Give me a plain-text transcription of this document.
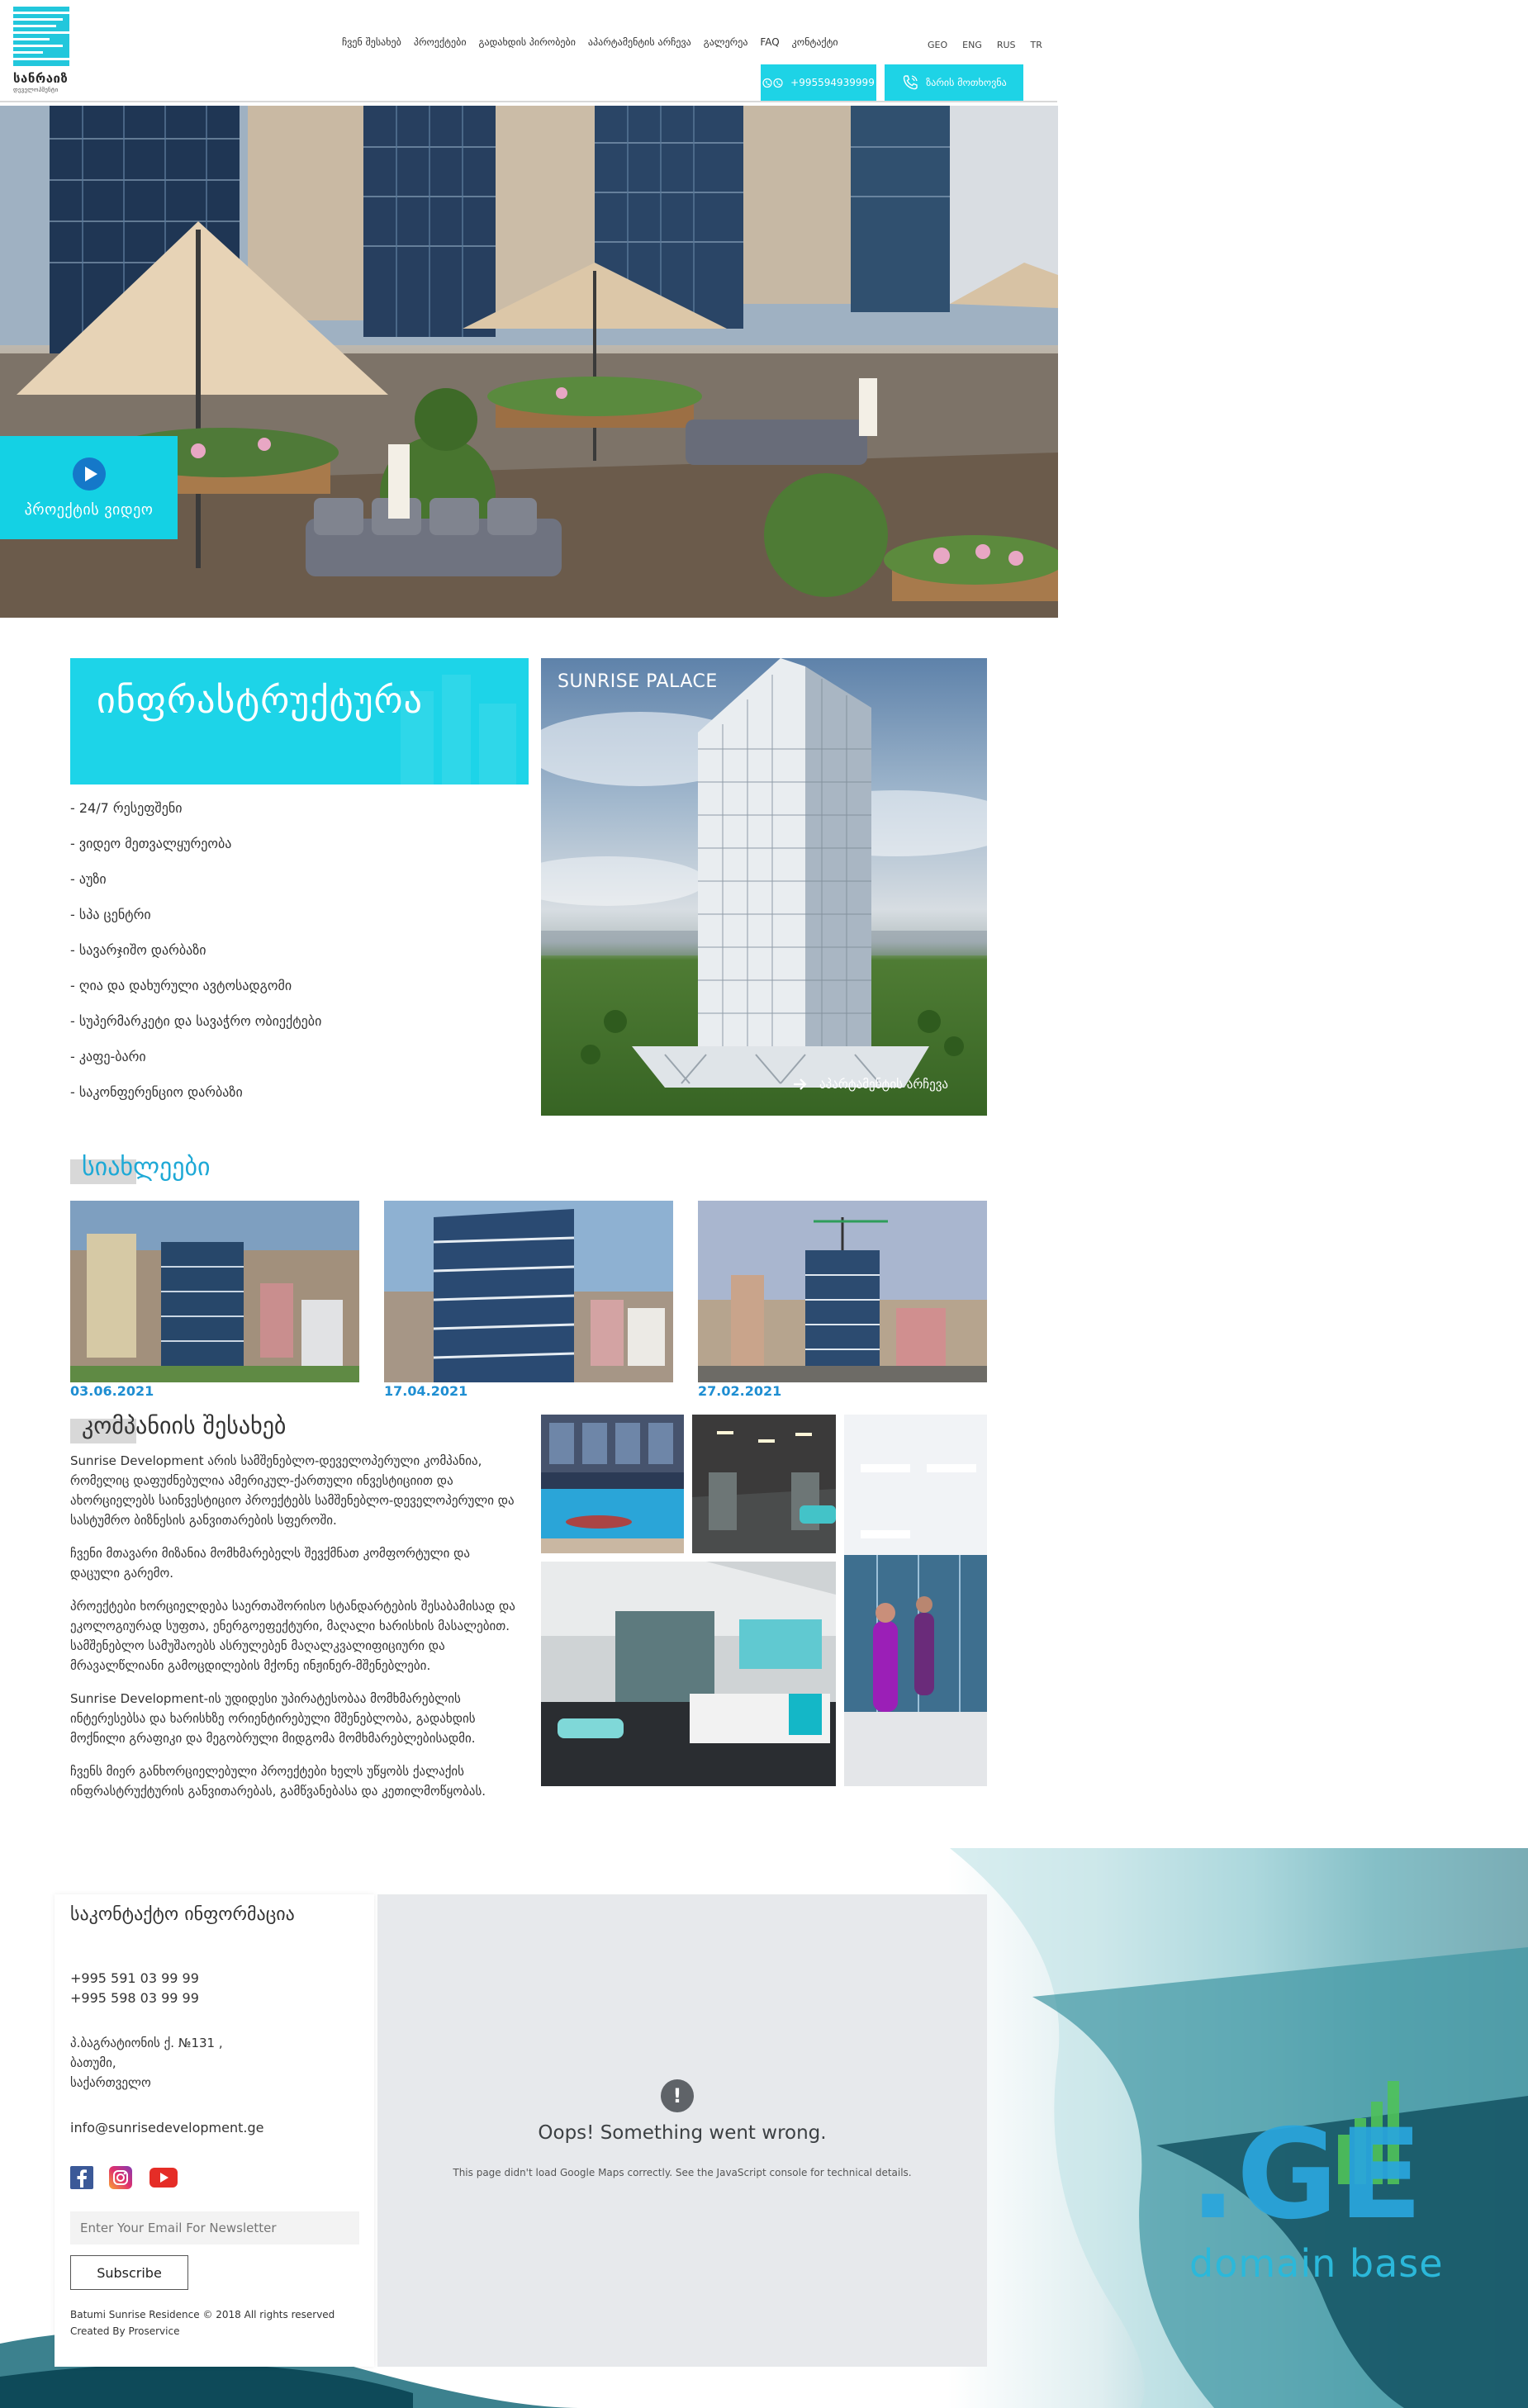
სანრაიზ
დეველოპმენტი
ჩვენ შესახებ პროექტები გადახდის პირობები აპარტამენტის არჩევა გალერეა FAQ კონტაქტი	GEO ENG RUS TR
+995594939999	ზარის მოთხოვნა
პროექტის ვიდეო
ინფრასტრუქტურა
- 24/7 რესეფშენი
- ვიდეო მეთვალყურეობა
- აუზი
- სპა ცენტრი
- სავარჯიშო დარბაზი
- ღია და დახურული ავტოსადგომი
- სუპერმარკეტი და სავაჭრო ობიექტები
- კაფე-ბარი
- საკონფერენციო დარბაზი
SUNRISE PALACE
აპარტამენტის არჩევა
სიახლეები
03.06.2021	17.04.2021	27.02.2021
კომპანიის შესახებ

Sunrise Development არის სამშენებლო-დეველოპერული კომპანია, რომელიც დაფუძნებულია ამერიკულ-ქართული ინვესტიციით და ახორციელებს საინვესტიციო პროექტებს სამშენებლო-დეველოპერული და სასტუმრო ბიზნესის განვითარების სფეროში.

ჩვენი მთავარი მიზანია მომხმარებელს შევქმნათ კომფორტული და დაცული გარემო.

პროექტები ხორციელდება საერთაშორისო სტანდარტების შესაბამისად და ეკოლოგიურად სუფთა, ენერგოეფექტური, მაღალი ხარისხის მასალებით. სამშენებლო სამუშაოებს ასრულებენ მაღალკვალიფიციური და მრავალწლიანი გამოცდილების მქონე ინჟინერ-მშენებლები.

Sunrise Development-ის უდიდესი უპირატესობაა მომხმარებლის ინტერესებსა და ხარისხზე ორიენტირებული მშენებლობა, გადახდის მოქნილი გრაფიკი და მეგობრული მიდგომა მომხმარებლებისადმი.

ჩვენს მიერ განხორციელებული პროექტები ხელს უწყობს ქალაქის ინფრასტრუქტურის განვითარებას, გამწვანებასა და კეთილმოწყობას.

საკონტაქტო ინფორმაცია
+995 591 03 99 99
+995 598 03 99 99
პ.ბაგრატიონის ქ. №131 ,
ბათუმი,
საქართველო
info@sunrisedevelopment.ge
Enter Your Email For Newsletter
Subscribe
Batumi Sunrise Residence © 2018 All rights reserved
Created By Proservice
!
Oops! Something went wrong.
This page didn't load Google Maps correctly. See the JavaScript console for technical details.	.GE
domain base
